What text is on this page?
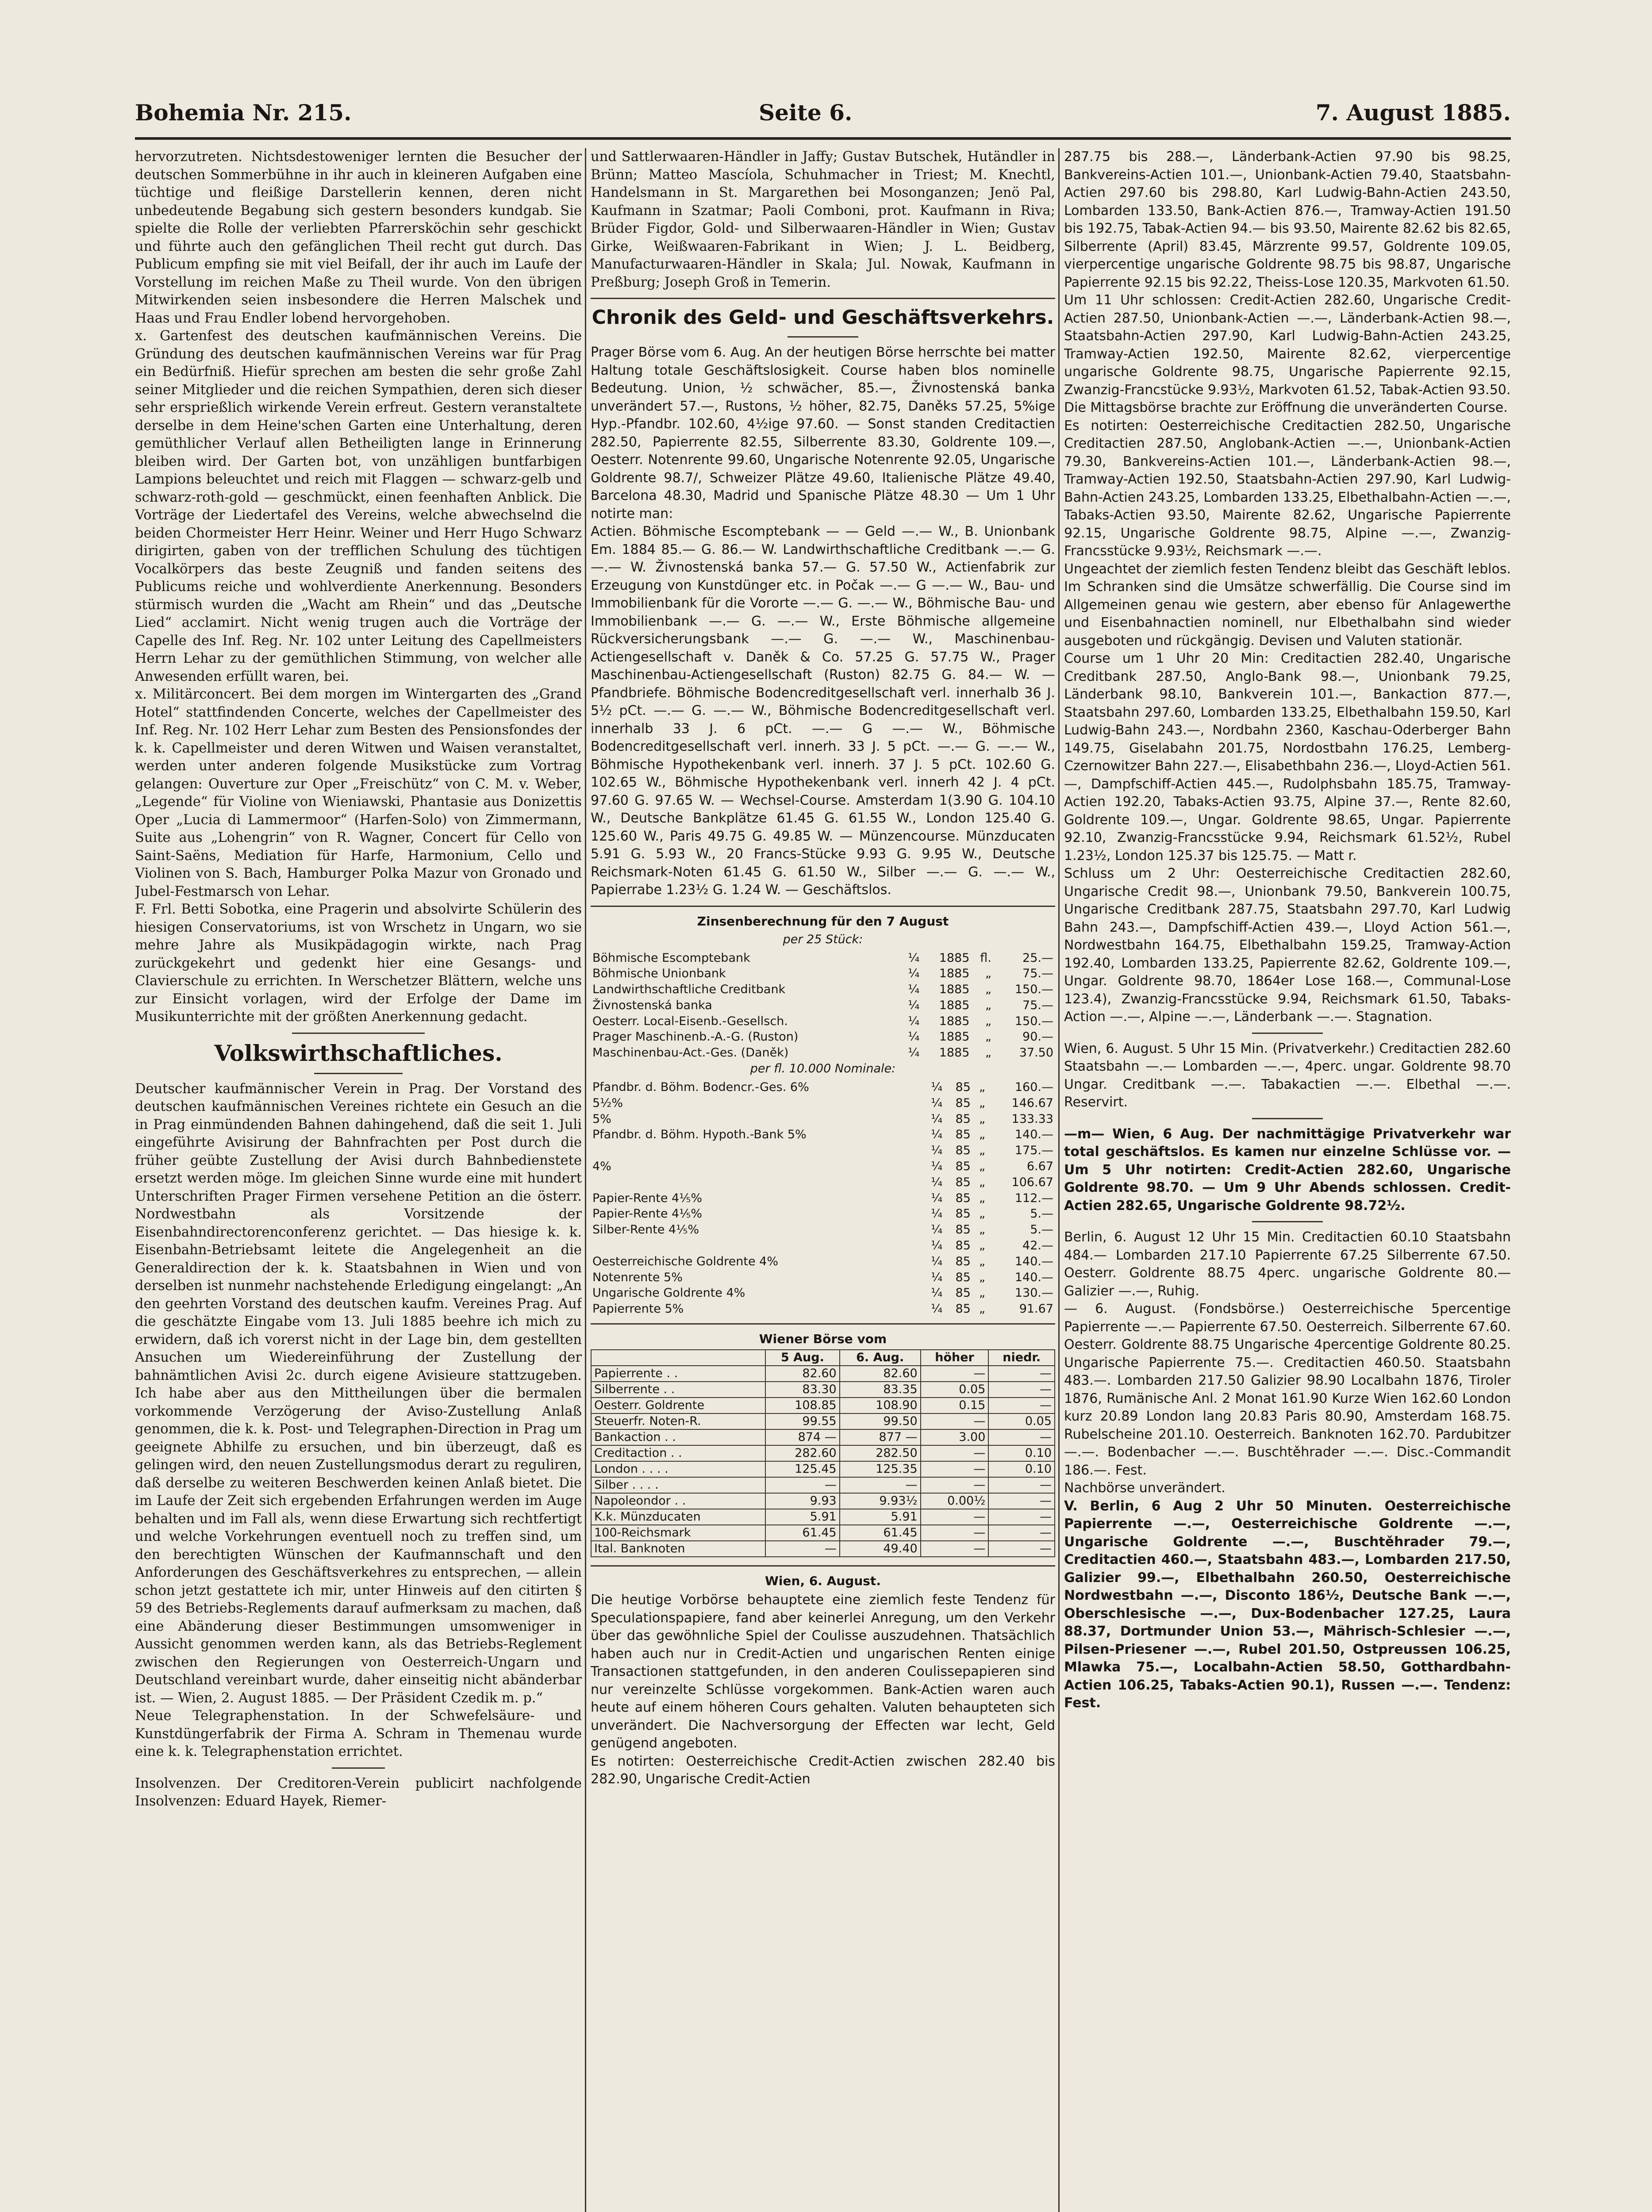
Bohemia Nr. 215.	Seite 6.	7. August 1885.

hervorzutreten. Nichtsdestoweniger lernten die Besucher der deutschen Sommerbühne in ihr auch in kleineren Aufgaben eine tüchtige und fleißige Darstellerin kennen, deren nicht unbedeutende Begabung sich gestern besonders kundgab. Sie spielte die Rolle der verliebten Pfarrersköchin sehr geschickt und führte auch den gefänglichen Theil recht gut durch. Das Publicum empfing sie mit viel Beifall, der ihr auch im Laufe der Vorstellung im reichen Maße zu Theil wurde. Von den übrigen Mitwirkenden seien insbesondere die Herren Malschek und Haas und Frau Endler lobend hervorgehoben.

x. Gartenfest des deutschen kaufmännischen Vereins. Die Gründung des deutschen kaufmännischen Vereins war für Prag ein Bedürfniß. Hiefür sprechen am besten die sehr große Zahl seiner Mitglieder und die reichen Sympathien, deren sich dieser sehr ersprießlich wirkende Verein erfreut. Gestern veranstaltete derselbe in dem Heine'schen Garten eine Unterhaltung, deren gemüthlicher Verlauf allen Betheiligten lange in Erinnerung bleiben wird. Der Garten bot, von unzähligen buntfarbigen Lampions beleuchtet und reich mit Flaggen — schwarz-gelb und schwarz-roth-gold — geschmückt, einen feenhaften Anblick. Die Vorträge der Liedertafel des Vereins, welche abwechselnd die beiden Chormeister Herr Heinr. Weiner und Herr Hugo Schwarz dirigirten, gaben von der trefflichen Schulung des tüchtigen Vocalkörpers das beste Zeugniß und fanden seitens des Publicums reiche und wohlverdiente Anerkennung. Besonders stürmisch wurden die „Wacht am Rhein“ und das „Deutsche Lied“ acclamirt. Nicht wenig trugen auch die Vorträge der Capelle des Inf. Reg. Nr. 102 unter Leitung des Capellmeisters Herrn Lehar zu der gemüthlichen Stimmung, von welcher alle Anwesenden erfüllt waren, bei.

x. Militärconcert. Bei dem morgen im Wintergarten des „Grand Hotel“ stattfindenden Concerte, welches der Capellmeister des Inf. Reg. Nr. 102 Herr Lehar zum Besten des Pensionsfondes der k. k. Capellmeister und deren Witwen und Waisen veranstaltet, werden unter anderen folgende Musikstücke zum Vortrag gelangen: Ouverture zur Oper „Freischütz“ von C. M. v. Weber, „Legende“ für Violine von Wieniawski, Phantasie aus Donizettis Oper „Lucia di Lammermoor“ (Harfen-Solo) von Zimmermann, Suite aus „Lohengrin“ von R. Wagner, Concert für Cello von Saint-Saëns, Mediation für Harfe, Harmonium, Cello und Violinen von S. Bach, Hamburger Polka Mazur von Gronado und Jubel-Festmarsch von Lehar.

F. Frl. Betti Sobotka, eine Pragerin und absolvirte Schülerin des hiesigen Conservatoriums, ist von Wrschetz in Ungarn, wo sie mehre Jahre als Musikpädagogin wirkte, nach Prag zurückgekehrt und gedenkt hier eine Gesangs- und Clavierschule zu errichten. In Werschetzer Blättern, welche uns zur Einsicht vorlagen, wird der Erfolge der Dame im Musikunterrichte mit der größten Anerkennung gedacht.

Volkswirthschaftliches.

Deutscher kaufmännischer Verein in Prag. Der Vorstand des deutschen kaufmännischen Vereines richtete ein Gesuch an die in Prag einmündenden Bahnen dahingehend, daß die seit 1. Juli eingeführte Avisirung der Bahnfrachten per Post durch die früher geübte Zustellung der Avisi durch Bahnbedienstete ersetzt werden möge. Im gleichen Sinne wurde eine mit hundert Unterschriften Prager Firmen versehene Petition an die österr. Nordwestbahn als Vorsitzende der Eisenbahndirectorenconferenz gerichtet. — Das hiesige k. k. Eisenbahn-Betriebsamt leitete die Angelegenheit an die Generaldirection der k. k. Staatsbahnen in Wien und von derselben ist nunmehr nachstehende Erledigung eingelangt: „An den geehrten Vorstand des deutschen kaufm. Vereines Prag. Auf die geschätzte Eingabe vom 13. Juli 1885 beehre ich mich zu erwidern, daß ich vorerst nicht in der Lage bin, dem gestellten Ansuchen um Wiedereinführung der Zustellung der bahnämtlichen Avisi 2c. durch eigene Avisieure stattzugeben. Ich habe aber aus den Mittheilungen über die bermalen vorkommende Verzögerung der Aviso-Zustellung Anlaß genommen, die k. k. Post- und Telegraphen-Direction in Prag um geeignete Abhilfe zu ersuchen, und bin überzeugt, daß es gelingen wird, den neuen Zustellungsmodus derart zu reguliren, daß derselbe zu weiteren Beschwerden keinen Anlaß bietet. Die im Laufe der Zeit sich ergebenden Erfahrungen werden im Auge behalten und im Fall als, wenn diese Erwartung sich rechtfertigt und welche Vorkehrungen eventuell noch zu treffen sind, um den berechtigten Wünschen der Kaufmannschaft und den Anforderungen des Geschäftsverkehres zu entsprechen, — allein schon jetzt gestattete ich mir, unter Hinweis auf den citirten § 59 des Betriebs-Reglements darauf aufmerksam zu machen, daß eine Abänderung dieser Bestimmungen umsomweniger in Aussicht genommen werden kann, als das Betriebs-Reglement zwischen den Regierungen von Oesterreich-Ungarn und Deutschland vereinbart wurde, daher einseitig nicht abänderbar ist. — Wien, 2. August 1885. — Der Präsident Czedik m. p.“

Neue Telegraphenstation. In der Schwefelsäure- und Kunstdüngerfabrik der Firma A. Schram in Themenau wurde eine k. k. Telegraphenstation errichtet.

Insolvenzen. Der Creditoren-Verein publicirt nachfolgende Insolvenzen: Eduard Hayek, Riemer-

und Sattlerwaaren-Händler in Jaffy; Gustav Butschek, Hutändler in Brünn; Matteo Mascíola, Schuhmacher in Triest; M. Knechtl, Handelsmann in St. Margarethen bei Mosonganzen; Jenö Pal, Kaufmann in Szatmar; Paoli Comboni, prot. Kaufmann in Riva; Brüder Figdor, Gold- und Silberwaaren-Händler in Wien; Gustav Girke, Weißwaaren-Fabrikant in Wien; J. L. Beidberg, Manufacturwaaren-Händler in Skala; Jul. Nowak, Kaufmann in Preßburg; Joseph Groß in Temerin.

Chronik des Geld- und Geschäftsverkehrs.

Prager Börse vom 6. Aug. An der heutigen Börse herrschte bei matter Haltung totale Geschäftslosigkeit. Course haben blos nominelle Bedeutung. Union, ½ schwächer, 85.—, Živnostenská banka unverändert 57.—, Rustons, ½ höher, 82.75, Daněks 57.25, 5%ige Hyp.-Pfandbr. 102.60, 4½ige 97.60. — Sonst standen Creditactien 282.50, Papierrente 82.55, Silberrente 83.30, Goldrente 109.—, Oesterr. Notenrente 99.60, Ungarische Notenrente 92.05, Ungarische Goldrente 98.7/, Schweizer Plätze 49.60, Italienische Plätze 49.40, Barcelona 48.30, Madrid und Spanische Plätze 48.30 — Um 1 Uhr notirte man:

Actien. Böhmische Escomptebank — — Geld —.— W., B. Unionbank Em. 1884 85.— G. 86.— W. Landwirthschaftliche Creditbank —.— G. —.— W. Živnostenská banka 57.— G. 57.50 W., Actienfabrik zur Erzeugung von Kunstdünger etc. in Počak —.— G —.— W., Bau- und Immobilienbank für die Vororte —.— G. —.— W., Böhmische Bau- und Immobilienbank —.— G. —.— W., Erste Böhmische allgemeine Rückversicherungsbank —.— G. —.— W., Maschinenbau-Actiengesellschaft v. Daněk & Co. 57.25 G. 57.75 W., Prager Maschinenbau-Actiengesellschaft (Ruston) 82.75 G. 84.— W. — Pfandbriefe. Böhmische Bodencreditgesellschaft verl. innerhalb 36 J. 5½ pCt. —.— G. —.— W., Böhmische Bodencreditgesellschaft verl. innerhalb 33 J. 6 pCt. —.— G —.— W., Böhmische Bodencreditgesellschaft verl. innerh. 33 J. 5 pCt. —.— G. —.— W., Böhmische Hypothekenbank verl. innerh. 37 J. 5 pCt. 102.60 G. 102.65 W., Böhmische Hypothekenbank verl. innerh 42 J. 4 pCt. 97.60 G. 97.65 W. — Wechsel-Course. Amsterdam 1(3.90 G. 104.10 W., Deutsche Bankplätze 61.45 G. 61.55 W., London 125.40 G. 125.60 W., Paris 49.75 G. 49.85 W. — Münzencourse. Münzducaten 5.91 G. 5.93 W., 20 Francs-Stücke 9.93 G. 9.95 W., Deutsche Reichsmark-Noten 61.45 G. 61.50 W., Silber —.— G. —.— W., Papierrabe 1.23½ G. 1.24 W. — Geschäftslos.

Zinsenberechnung für den 7 August
per 25 Stück:
Böhmische Escomptebank	¼	1885	fl.	25.—
Böhmische Unionbank	¼	1885	„	75.—
Landwirthschaftliche Creditbank	¼	1885	„	150.—
Živnostenská banka	¼	1885	„	75.—
Oesterr. Local-Eisenb.-Gesellsch.	¼	1885	„	150.—
Prager Maschinenb.-A.-G. (Ruston)	¼	1885	„	90.—
Maschinenbau-Act.-Ges. (Daněk)	¼	1885	„	37.50
per fl. 10.000 Nominale:
Pfandbr. d. Böhm. Bodencr.-Ges. 6%	¼	85	„	160.—
5½%	¼	85	„	146.67
5%	¼	85	„	133.33
Pfandbr. d. Böhm. Hypoth.-Bank 5%	¼	85	„	140.—
	¼	85	„	175.—
4%	¼	85	„	6.67
	¼	85	„	106.67
Papier-Rente 4⅕%	¼	85	„	112.—
Papier-Rente 4⅕%	¼	85	„	5.—
Silber-Rente 4⅕%	¼	85	„	5.—
	¼	85	„	42.—
Oesterreichische Goldrente 4%	¼	85	„	140.—
Notenrente 5%	¼	85	„	140.—
Ungarische Goldrente 4%	¼	85	„	130.—
Papierrente 5%	¼	85	„	91.67
Wiener Börse vom
	5 Aug.	6. Aug.	höher	niedr.
Papierrente . .	82.60	82.60	—	—
Silberrente . .	83.30	83.35	0.05	—
Oesterr. Goldrente	108.85	108.90	0.15	—
Steuerfr. Noten-R.	99.55	99.50	—	0.05
Bankaction . .	874 —	877 —	3.00	—
Creditaction . .	282.60	282.50	—	0.10
London . . . .	125.45	125.35	—	0.10
Silber . . . .	—	—	—	—
Napoleondor . .	9.93	9.93½	0.00½	—
K.k. Münzducaten	5.91	5.91	—	—
100-Reichsmark	61.45	61.45	—	—
Ital. Banknoten	—	49.40	—	—
Wien, 6. August.

Die heutige Vorbörse behauptete eine ziemlich feste Tendenz für Speculationspapiere, fand aber keinerlei Anregung, um den Verkehr über das gewöhnliche Spiel der Coulisse auszudehnen. Thatsächlich haben auch nur in Credit-Actien und ungarischen Renten einige Transactionen stattgefunden, in den anderen Coulissepapieren sind nur vereinzelte Schlüsse vorgekommen. Bank-Actien waren auch heute auf einem höheren Cours gehalten. Valuten behaupteten sich unverändert. Die Nachversorgung der Effecten war lecht, Geld genügend angeboten.

Es notirten: Oesterreichische Credit-Actien zwischen 282.40 bis 282.90, Ungarische Credit-Actien

287.75 bis 288.—, Länderbank-Actien 97.90 bis 98.25, Bankvereins-Actien 101.—, Unionbank-Actien 79.40, Staatsbahn-Actien 297.60 bis 298.80, Karl Ludwig-Bahn-Actien 243.50, Lombarden 133.50, Bank-Actien 876.—, Tramway-Actien 191.50 bis 192.75, Tabak-Actien 94.— bis 93.50, Mairente 82.62 bis 82.65, Silberrente (April) 83.45, Märzrente 99.57, Goldrente 109.05, vierpercentige ungarische Goldrente 98.75 bis 98.87, Ungarische Papierrente 92.15 bis 92.22, Theiss-Lose 120.35, Markvoten 61.50.

Um 11 Uhr schlossen: Credit-Actien 282.60, Ungarische Credit-Actien 287.50, Unionbank-Actien —.—, Länderbank-Actien 98.—, Staatsbahn-Actien 297.90, Karl Ludwig-Bahn-Actien 243.25, Tramway-Actien 192.50, Mairente 82.62, vierpercentige ungarische Goldrente 98.75, Ungarische Papierrente 92.15, Zwanzig-Francstücke 9.93½, Markvoten 61.52, Tabak-Actien 93.50.

Die Mittagsbörse brachte zur Eröffnung die unveränderten Course.

Es notirten: Oesterreichische Creditactien 282.50, Ungarische Creditactien 287.50, Anglobank-Actien —.—, Unionbank-Actien 79.30, Bankvereins-Actien 101.—, Länderbank-Actien 98.—, Tramway-Actien 192.50, Staatsbahn-Actien 297.90, Karl Ludwig-Bahn-Actien 243.25, Lombarden 133.25, Elbethalbahn-Actien —.—, Tabaks-Actien 93.50, Mairente 82.62, Ungarische Papierrente 92.15, Ungarische Goldrente 98.75, Alpine —.—, Zwanzig-Francsstücke 9.93½, Reichsmark —.—.

Ungeachtet der ziemlich festen Tendenz bleibt das Geschäft leblos. Im Schranken sind die Umsätze schwerfällig. Die Course sind im Allgemeinen genau wie gestern, aber ebenso für Anlagewerthe und Eisenbahnactien nominell, nur Elbethalbahn sind wieder ausgeboten und rückgängig. Devisen und Valuten stationär.

Course um 1 Uhr 20 Min: Creditactien 282.40, Ungarische Creditbank 287.50, Anglo-Bank 98.—, Unionbank 79.25, Länderbank 98.10, Bankverein 101.—, Bankaction 877.—, Staatsbahn 297.60, Lombarden 133.25, Elbethalbahn 159.50, Karl Ludwig-Bahn 243.—, Nordbahn 2360, Kaschau-Oderberger Bahn 149.75, Giselabahn 201.75, Nordostbahn 176.25, Lemberg-Czernowitzer Bahn 227.—, Elisabethbahn 236.—, Lloyd-Actien 561.—, Dampfschiff-Actien 445.—, Rudolphsbahn 185.75, Tramway-Actien 192.20, Tabaks-Actien 93.75, Alpine 37.—, Rente 82.60, Goldrente 109.—, Ungar. Goldrente 98.65, Ungar. Papierrente 92.10, Zwanzig-Francsstücke 9.94, Reichsmark 61.52½, Rubel 1.23½, London 125.37 bis 125.75. — Matt r.

Schluss um 2 Uhr: Oesterreichische Creditactien 282.60, Ungarische Credit 98.—, Unionbank 79.50, Bankverein 100.75, Ungarische Creditbank 287.75, Staatsbahn 297.70, Karl Ludwig Bahn 243.—, Dampfschiff-Actien 439.—, Lloyd Action 561.—, Nordwestbahn 164.75, Elbethalbahn 159.25, Tramway-Action 192.40, Lombarden 133.25, Papierrente 82.62, Goldrente 109.—, Ungar. Goldrente 98.70, 1864er Lose 168.—, Communal-Lose 123.4), Zwanzig-Francsstücke 9.94, Reichsmark 61.50, Tabaks-Action —.—, Alpine —.—, Länderbank —.—. Stagnation.

Wien, 6. August. 5 Uhr 15 Min. (Privatverkehr.) Creditactien 282.60 Staatsbahn —.— Lombarden —.—, 4perc. ungar. Goldrente 98.70 Ungar. Creditbank —.—. Tabakactien —.—. Elbethal —.—. Reservirt.

—m— Wien, 6 Aug. Der nachmittägige Privatverkehr war total geschäftslos. Es kamen nur einzelne Schlüsse vor. — Um 5 Uhr notirten: Credit-Actien 282.60, Ungarische Goldrente 98.70. — Um 9 Uhr Abends schlossen. Credit-Actien 282.65, Ungarische Goldrente 98.72½.

Berlin, 6. August 12 Uhr 15 Min. Creditactien 60.10 Staatsbahn 484.— Lombarden 217.10 Papierrente 67.25 Silberrente 67.50. Oesterr. Goldrente 88.75 4perc. ungarische Goldrente 80.— Galizier —.—, Ruhig.

— 6. August. (Fondsbörse.) Oesterreichische 5percentige Papierrente —.— Papierrente 67.50. Oesterreich. Silberrente 67.60. Oesterr. Goldrente 88.75 Ungarische 4percentige Goldrente 80.25. Ungarische Papierrente 75.—. Creditactien 460.50. Staatsbahn 483.—. Lombarden 217.50 Galizier 98.90 Localbahn 1876, Tiroler 1876, Rumänische Anl. 2 Monat 161.90 Kurze Wien 162.60 London kurz 20.89 London lang 20.83 Paris 80.90, Amsterdam 168.75. Rubelscheine 201.10. Oesterreich. Banknoten 162.70. Pardubitzer —.—. Bodenbacher —.—. Buschtěhrader —.—. Disc.-Commandit 186.—. Fest.

Nachbörse unverändert.

V. Berlin, 6 Aug 2 Uhr 50 Minuten. Oesterreichische Papierrente —.—, Oesterreichische Goldrente —.—, Ungarische Goldrente —.—, Buschtěhrader 79.—, Creditactien 460.—, Staatsbahn 483.—, Lombarden 217.50, Galizier 99.—, Elbethalbahn 260.50, Oesterreichische Nordwestbahn —.—, Disconto 186½, Deutsche Bank —.—, Oberschlesische —.—, Dux-Bodenbacher 127.25, Laura 88.37, Dortmunder Union 53.—, Mährisch-Schlesier —.—, Pilsen-Priesener —.—, Rubel 201.50, Ostpreussen 106.25, Mlawka 75.—, Localbahn-Actien 58.50, Gotthardbahn-Actien 106.25, Tabaks-Actien 90.1), Russen —.—. Tendenz: Fest.
